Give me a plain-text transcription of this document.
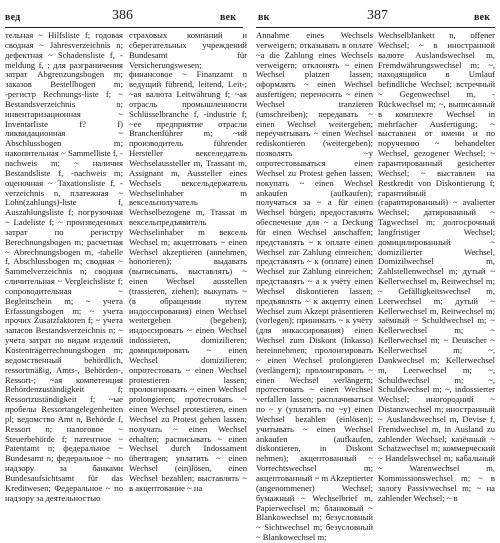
вед	386	век

тельная ~ Hilfsliste f; годовая сводная ~ Jahresverzeichnis n; дефектная ~ Schadensliste f, -meldung f, ; для разграничения затрат Abgrenzungsbogen m; заказов Bestellbogen m; -регистр Rechnungs-liste f; ~ Bestandsverzeichnis n; инвентаризационная ~ Inventarliste f? f) ликвидационная ~ Abschlussbogen m; накопительная ~ Sammelliste f, -nachweis m; ~ наличия Bestandsliste f, -nachweis m; оценочная ~ Taxationsliste f, -verzeichnis n, платежная ~ Lohn(zahlungs)-liste f, Auszahlungsliste f; погрузочная ~ Ladeliste f; ~ произведенных затрат по регистру Berechnungsbogen m; расчетная ~ Abrechnungsbogen m, -tabelle f, Abschlussbogen m; сводная ~ Sammelverzeichnis n; сводная сличительная ~ Vergleichsliste f; сопроводительная ~ Begleitschein m; ~ учета Erfassungsbogen m; ~ учета прочих Zusatzfaktoren f; ~ учета запасов Bestandsverzeichnis n; ~ учета затрат по видам изделий Kostenträgerrechnungsbogen m; ведомственный behördlich, ressortmäßig, Amts-, Behörden-, Ressort-; ~ая компетенция Behördenzuständigkeit f; Ressortzuständigkeit f; ~ые пробелы Ressortangelegenheiten pl; ведомство Amt n, Behörde f, Ressort n; налоговое ~ Steuerbehörde f; патентное ~ Patentamt n; федеральное ~ Bundesamt n; федеральное ~ по надзору за банками Bundesaufsichtsamt für das Kreditwesen; Федеральное ~ по надзору за деятельностью

страховых компаний и сберегательных учреждений Bundesamt für Versicherungswesen; финансовое ~ Finanzamt n ведущий führend, leitend, Leit-; ~ая валюта Leitwährung f; ~ая отрасль промышленности Schlüsselbranche f, -industrie f; ~ее предприятие отрасли Branchenführer m; ~ий производитель führender Hersteller векселедатель Wechselaussteller m, Trassant m, Assignant m, Aussteller eines Wechsels вексельдержатель Wechselinhaber m вексельполучатель Wechselbezogene m, Trassat m вексельпредъявитель Wechselinhaber m вексель Wechsel m; акцептовать ~ einen Wechsel akzeptieren (annehmen, honorieren); выдавать (выписывать, выставлять) ~ einen Wechsel ausstellen (trassieren, ziehen); выкупать ~ (в обращении путем индоссирования) einen Wechsel weitergeben (begeben); индоссировать ~ einen Wechsel indossieren, domizilieren; домицилировать ~ einen Wechsel domizilieren; опротестовать ~ einen Wechsel protestieren lassen; пролонгировать ~ einen Wechsel prolongieren; протестовать ~ einen Wechsel protestieren, einen Wechsel zu Protest gehen lassen; получать ~ einen Wechsel erhalten; расписывать ~ einen Wechsel durch Indossament übertragen; уплатить ~ einen Wechsel (ein)lösen, einen Wechsel bezahlen; выставлять ~ в акцептование ~ на

вк	387	век

Annahme eines Wechsels verweigern; отказывать в оплате ~а die Zahlung eines Wechsels verweigern; отклонять ~ einen Wechsel platzen lassen; оформлять ~ einen Wechsel ausfertigen; переносить ~ einen Wechsel tranzieren (umschreiben); передавать ~ einen Wechsel weitergeben; переучитывать ~ einen Wechsel rediskontieren (weitergeben); позволять ~у опротестовываться einen Wechsel zu Protest gehen lassen; покупать ~ einen Wechsel ankaufen (aufkaufen); получаться за ~ a für einen Wechsel bürgen; предоставлять обеспечение для ~ а Deckung für einen Wechsel anschaffen; представлять ~ к оплате einen Wechsel zur Zahlung einreichen; представлять ~ к (оплате) einen Wechsel zur Zahlung einreichen; представлять ~ а к учёту einen Wechsel diskontieren lassen; предъявлять ~ к акцепту einen Wechsel zum Akzept präsentieren (vorlegen); принимать ~ к учёту (для инкассирования) einen Wechsel zum Diskont (Inkasso) hereinnehmen; пролонгировать ~ einen Wechsel prolongieren (verlängern); пролонгировать ~ einen Wechsel verlängern; протестовать ~ einen Wechsel verfallen lassen; расплачиваться по ~ у (уплатить по ~у) einen Wechsel bezahlen (einlösen); учитывать ~ einen Wechsel ankaufen (aufkaufen, diskontieren, in Diskont nehmen); акцептованный ~ Vorrechtswechsel m; акцептованный ~ m Akzeptierter (angenommener) Wechsel; бумажный ~ Wechselbrief m, Papierwechsel m; бланковый ~ Blankowechsel m; безусловный ~ Sichtwechsel m; безусловный ~ Blankowechsel m;

Wechselblankett n, offener Wechsel; ~ в иностранной валюте Auslandswechsel m, Fremdwährungswechsel m; ~, находящийся в Umlauf befindliche Wechsel; встречный ~ Gegenwechsel m, -Rückwechsel m; ~, выписанный в комплекте Wechsel in mehrfacher Ausfertigung; ~ выставлен от имени и по поручению ~ behandelter Wechsel, gezogener Wechsel; ~ гарантированный gesicherter Wechsel; ~ выставлен на Restkredit von Diskontierung f; гарантийный (гарантированный) ~ avalierter Wechsel; датированный ~ Tagwechsel m; долгосрочный langfristiger Wechsel; домицилированный ~ domizilierter Wechsel, Domizilwechsel m, Zahlstellenwechsel m; дутый ~ Kellerwechsel m, Reitwechsel m; ~ Gefälligkeitswechsel m, Leerwechsel m; дутый ~ Kellerwechsel m, Reitwechsel m; заёмный ~ Schuldwechsel m; ~ Kellerwechsel m; ~ Kellerwechsel m; ~ Deutscher ~ Kellerwechsel m; ~, Dankwechsel m; Kellerwechsel m, Leerwechsel m; ~, Schuldwechsel m; ~, Schuldwechsel m; ~, indossierter Wechsel; иногородний ~ Distanzwechsel m; иностранный ~ Auslandswechsel m, Devise f, Fremdwechsel m, in Ausland zu zahlender Wechsel; казённый ~ Schatzwechsel m; коммерческий ~ Handelswechsel m; кабальный ~ Warenwechsel m, Kommissionswechsel m; ~ в залогу Passivwechsel m; ~ на zahlender Wechsel; ~ в
